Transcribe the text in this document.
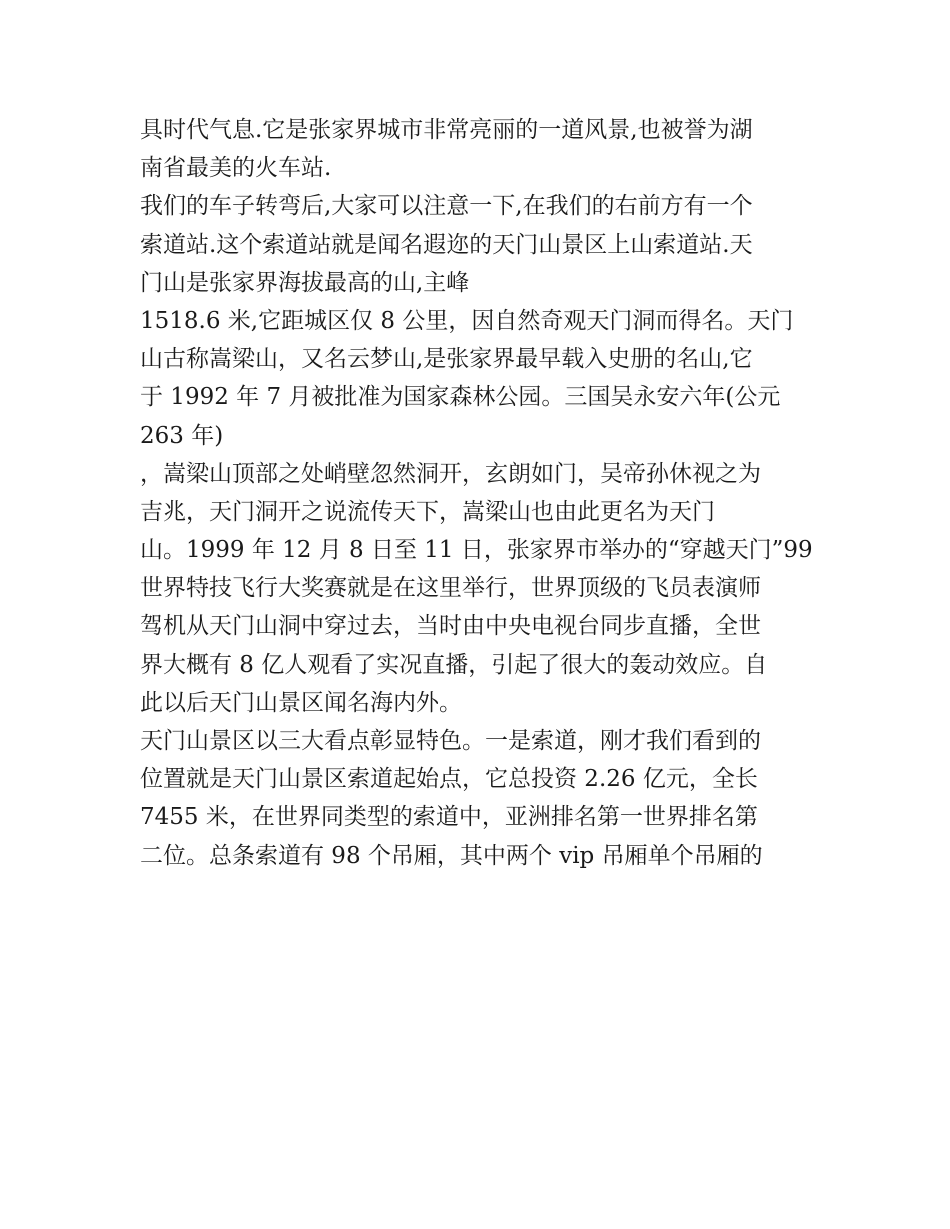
具时代气息.它是张家界城市非常亮丽的一道风景,也被誉为湖
南省最美的火车站.
我们的车子转弯后,大家可以注意一下,在我们的右前方有一个
索道站.这个索道站就是闻名遐迩的天门山景区上山索道站.天
门山是张家界海拔最高的山,主峰
1518.6 米,它距城区仅 8 公里，因自然奇观天门洞而得名。天门
山古称嵩梁山，又名云梦山,是张家界最早载入史册的名山,它
于 1992 年 7 月被批准为国家森林公园。三国吴永安六年(公元
263 年)
，嵩梁山顶部之处峭壁忽然洞开，玄朗如门，吴帝孙休视之为
吉兆，天门洞开之说流传天下，嵩梁山也由此更名为天门
山。1999 年 12 月 8 日至 11 日，张家界市举办的“穿越天门”99
世界特技飞行大奖赛就是在这里举行，世界顶级的飞员表演师
驾机从天门山洞中穿过去，当时由中央电视台同步直播，全世
界大概有 8 亿人观看了实况直播，引起了很大的轰动效应。自
此以后天门山景区闻名海内外。
天门山景区以三大看点彰显特色。一是索道，刚才我们看到的
位置就是天门山景区索道起始点，它总投资 2.26 亿元，全长
7455 米，在世界同类型的索道中，亚洲排名第一世界排名第
二位。总条索道有 98 个吊厢，其中两个 vip 吊厢单个吊厢的
